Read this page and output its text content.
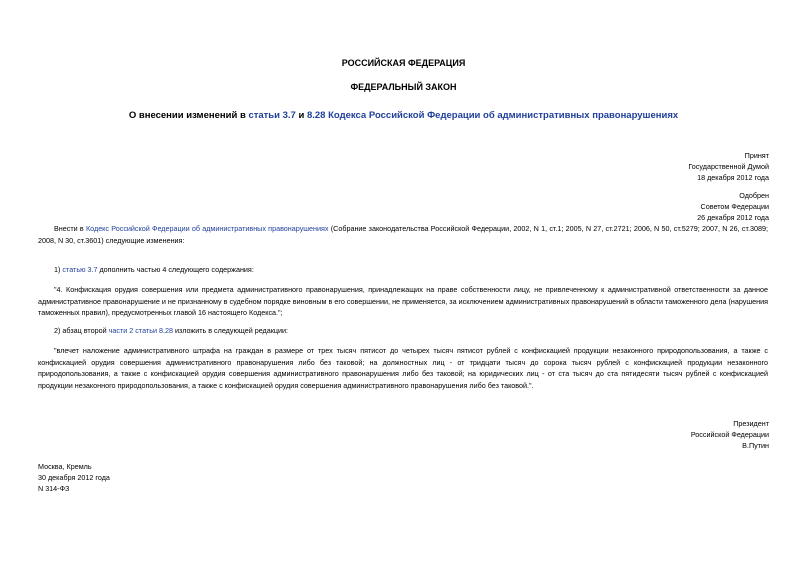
РОССИЙСКАЯ ФЕДЕРАЦИЯ
ФЕДЕРАЛЬНЫЙ ЗАКОН
О внесении изменений в статьи 3.7 и 8.28 Кодекса Российской Федерации об административных правонарушениях
Принят
Государственной Думой
18 декабря 2012 года
Одобрен
Советом Федерации
26 декабря 2012 года
Внести в Кодекс Российской Федерации об административных правонарушениях (Собрание законодательства Российской Федерации, 2002, N 1, ст.1; 2005, N 27, ст.2721; 2006, N 50, ст.5279; 2007, N 26, ст.3089; 2008, N 30, ст.3601) следующие изменения:
1) статью 3.7 дополнить частью 4 следующего содержания:
"4. Конфискация орудия совершения или предмета административного правонарушения, принадлежащих на праве собственности лицу, не привлеченному к административной ответственности за данное административное правонарушение и не признанному в судебном порядке виновным в его совершении, не применяется, за исключением административных правонарушений в области таможенного дела (нарушения таможенных правил), предусмотренных главой 16 настоящего Кодекса.";
2) абзац второй части 2 статьи 8.28 изложить в следующей редакции:
"влечет наложение административного штрафа на граждан в размере от трех тысяч пятисот до четырех тысяч пятисот рублей с конфискацией продукции незаконного природопользования, а также с конфискацией орудия совершения административного правонарушения либо без таковой; на должностных лиц - от тридцати тысяч до сорока тысяч рублей с конфискацией продукции незаконного природопользования, а также с конфискацией орудия совершения административного правонарушения либо без таковой; на юридических лиц - от ста тысяч до ста пятидесяти тысяч рублей с конфискацией продукции незаконного природопользования, а также с конфискацией орудия совершения административного правонарушения либо без таковой.".
Президент
Российской Федерации
В.Путин
Москва, Кремль
30 декабря 2012 года
N 314-ФЗ
